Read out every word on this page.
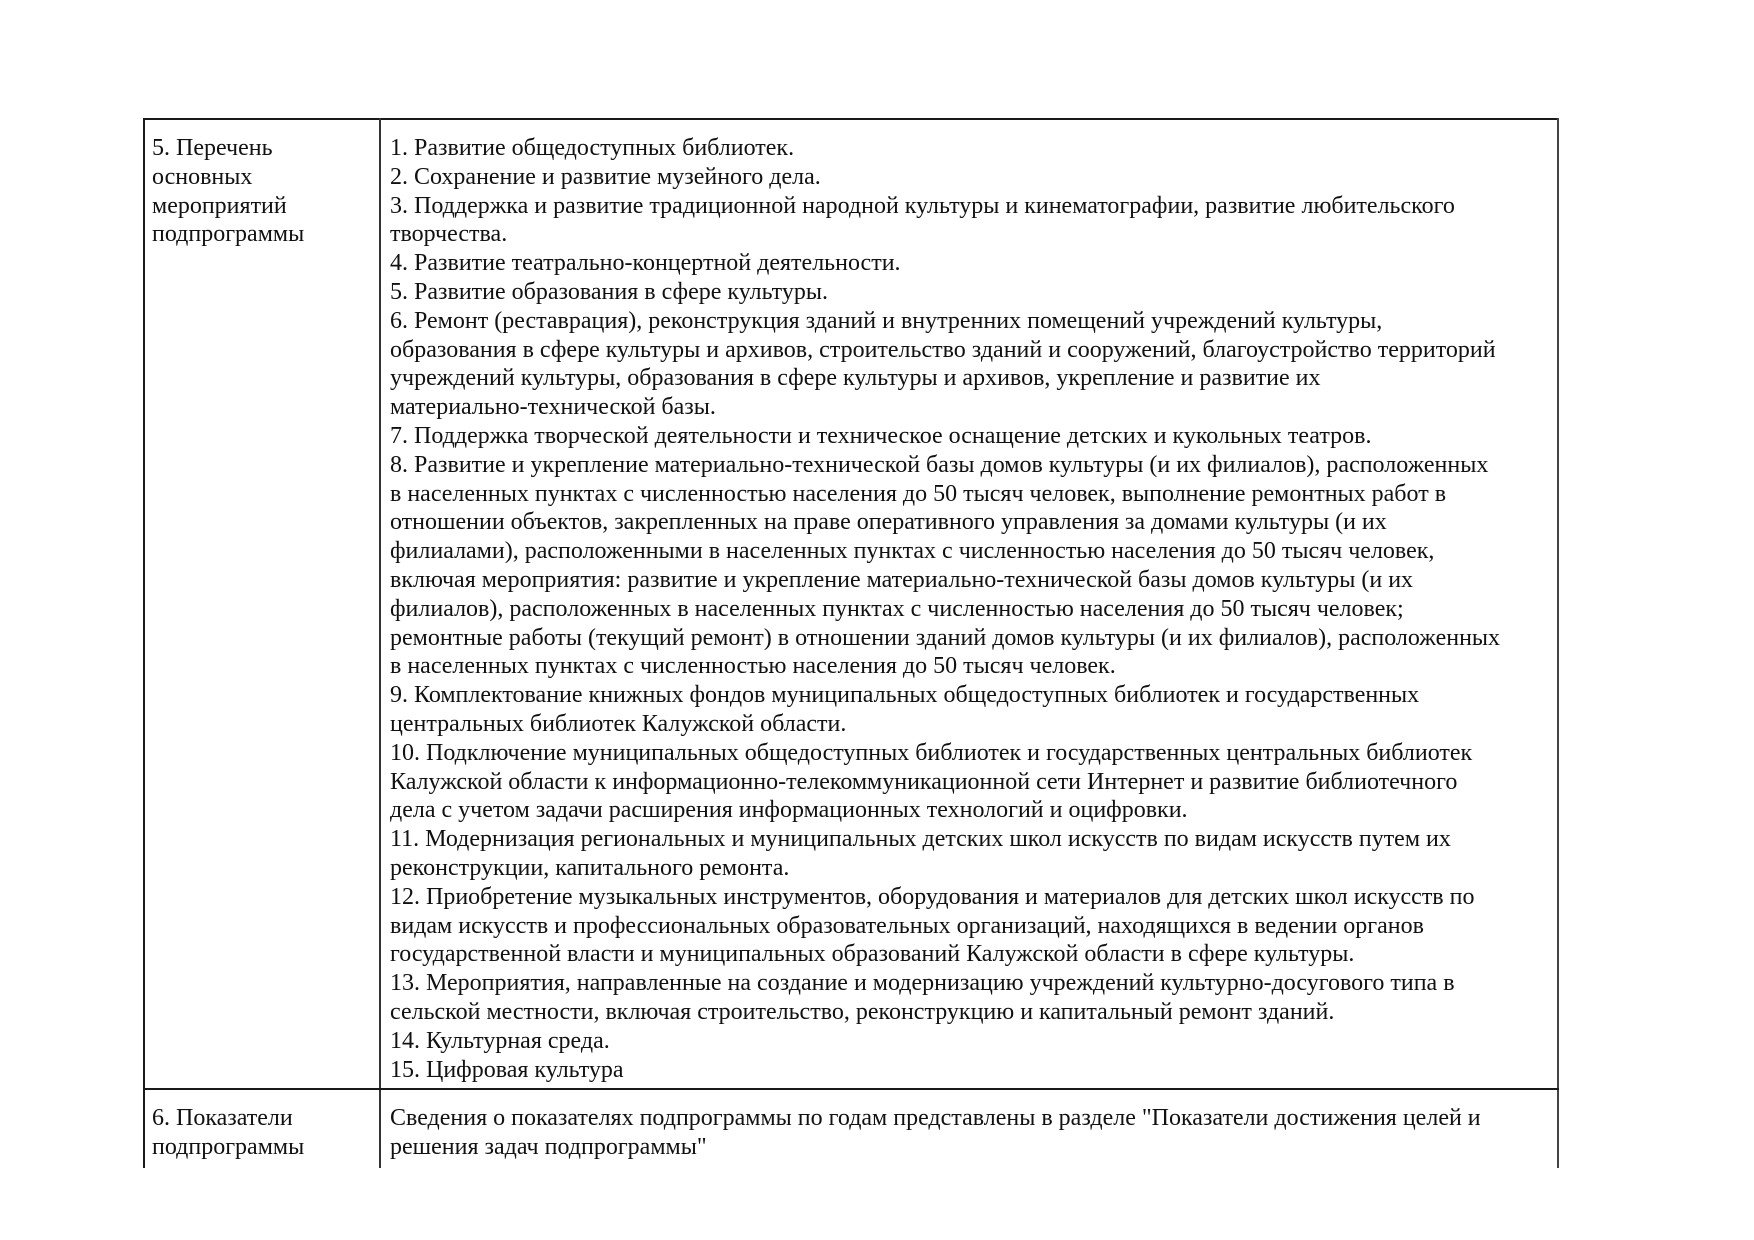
5. Перечень
основных
мероприятий
подпрограммы
1. Развитие общедоступных библиотек.
2. Сохранение и развитие музейного дела.
3. Поддержка и развитие традиционной народной культуры и кинематографии, развитие любительского
творчества.
4. Развитие театрально-концертной деятельности.
5. Развитие образования в сфере культуры.
6. Ремонт (реставрация), реконструкция зданий и внутренних помещений учреждений культуры,
образования в сфере культуры и архивов, строительство зданий и сооружений, благоустройство территорий
учреждений культуры, образования в сфере культуры и архивов, укрепление и развитие их
материально-технической базы.
7. Поддержка творческой деятельности и техническое оснащение детских и кукольных театров.
8. Развитие и укрепление материально-технической базы домов культуры (и их филиалов), расположенных
в населенных пунктах с численностью населения до 50 тысяч человек, выполнение ремонтных работ в
отношении объектов, закрепленных на праве оперативного управления за домами культуры (и их
филиалами), расположенными в населенных пунктах с численностью населения до 50 тысяч человек,
включая мероприятия: развитие и укрепление материально-технической базы домов культуры (и их
филиалов), расположенных в населенных пунктах с численностью населения до 50 тысяч человек;
ремонтные работы (текущий ремонт) в отношении зданий домов культуры (и их филиалов), расположенных
в населенных пунктах с численностью населения до 50 тысяч человек.
9. Комплектование книжных фондов муниципальных общедоступных библиотек и государственных
центральных библиотек Калужской области.
10. Подключение муниципальных общедоступных библиотек и государственных центральных библиотек
Калужской области к информационно-телекоммуникационной сети Интернет и развитие библиотечного
дела с учетом задачи расширения информационных технологий и оцифровки.
11. Модернизация региональных и муниципальных детских школ искусств по видам искусств путем их
реконструкции, капитального ремонта.
12. Приобретение музыкальных инструментов, оборудования и материалов для детских школ искусств по
видам искусств и профессиональных образовательных организаций, находящихся в ведении органов
государственной власти и муниципальных образований Калужской области в сфере культуры.
13. Мероприятия, направленные на создание и модернизацию учреждений культурно-досугового типа в
сельской местности, включая строительство, реконструкцию и капитальный ремонт зданий.
14. Культурная среда.
15. Цифровая культура
6. Показатели
подпрограммы
Сведения о показателях подпрограммы по годам представлены в разделе "Показатели достижения целей и
решения задач подпрограммы"
